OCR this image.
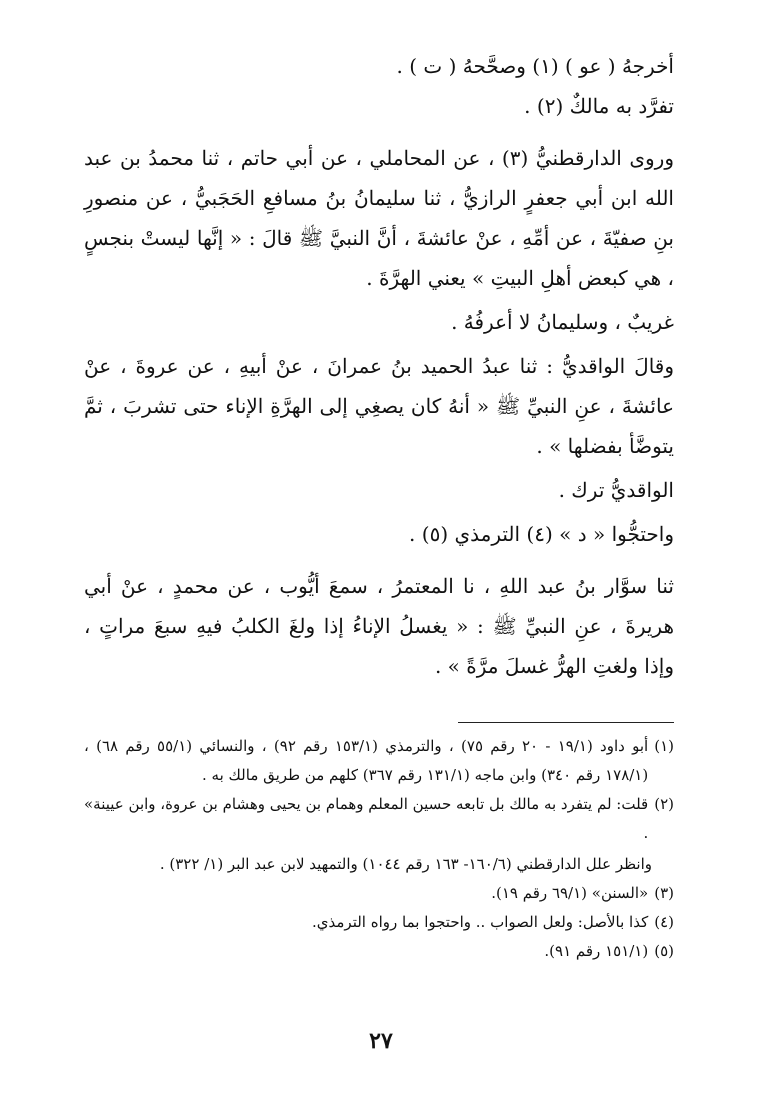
أخرجهُ ( عو ) (١) وصحَّحهُ ( ت ) .

تفرَّد به مالكٌ (٢) .

وروى الدارقطنيُّ (٣) ، عن المحاملي ، عن أبي حاتم ، ثنا محمدُ بن عبد الله ابن أبي جعفرٍ الرازيُّ ، ثنا سليمانُ بنُ مسافعِ الحَجَبيُّ ، عن منصورِ بنِ صفيّةَ ، عن أمِّهِ ، عنْ عائشةَ ، أنَّ النبيَّ ﷺ قالَ : « إنَّها ليستْ بنجسٍ ، هي كبعض أهلِ البيتِ » يعني الهرَّةَ .

غريبٌ ، وسليمانُ لا أعرفُهُ .

وقالَ الواقديُّ : ثنا عبدُ الحميد بنُ عمرانَ ، عنْ أبيهِ ، عن عروةَ ، عنْ عائشةَ ، عنِ النبيِّ ﷺ « أنهُ كان يصغِي إلى الهرَّةِ الإناء حتى تشربَ ، ثمَّ يتوضَّأ بفضلها » .

الواقديُّ ترك .

واحتجُّوا « د » (٤) الترمذي (٥) .

ثنا سوَّار بنُ عبد اللهِ ، نا المعتمرُ ، سمعَ أيُّوب ، عن محمدٍ ، عنْ أبي هريرةَ ، عنِ النبيِّ ﷺ : « يغسلُ الإناءُ إذا ولغَ الكلبُ فيهِ سبعَ مراتٍ ، وإذا ولغتِ الهرُّ غسلَ مرَّةً » .

(١)
أبو داود (١٩/١ - ٢٠ رقم ٧٥) ، والترمذي (١٥٣/١ رقم ٩٢) ، والنسائي (٥٥/١ رقم ٦٨) ، (١٧٨/١ رقم ٣٤٠) وابن ماجه (١٣١/١ رقم ٣٦٧) كلهم من طريق مالك به .
(٢)
قلت: لم يتفرد به مالك بل تابعه حسين المعلم وهمام بن يحيى وهشام بن عروة، وابن عيينة» .

وانظر علل الدارقطني (١٦٠/٦- ١٦٣ رقم ١٠٤٤) والتمهيد لابن عبد البر (١/ ٣٢٢) .

(٣)
«السنن» (٦٩/١ رقم ١٩).
(٤)
كذا بالأصل: ولعل الصواب .. واحتجوا بما رواه الترمذي.
(٥)
(١٥١/١ رقم ٩١).
٢٧
